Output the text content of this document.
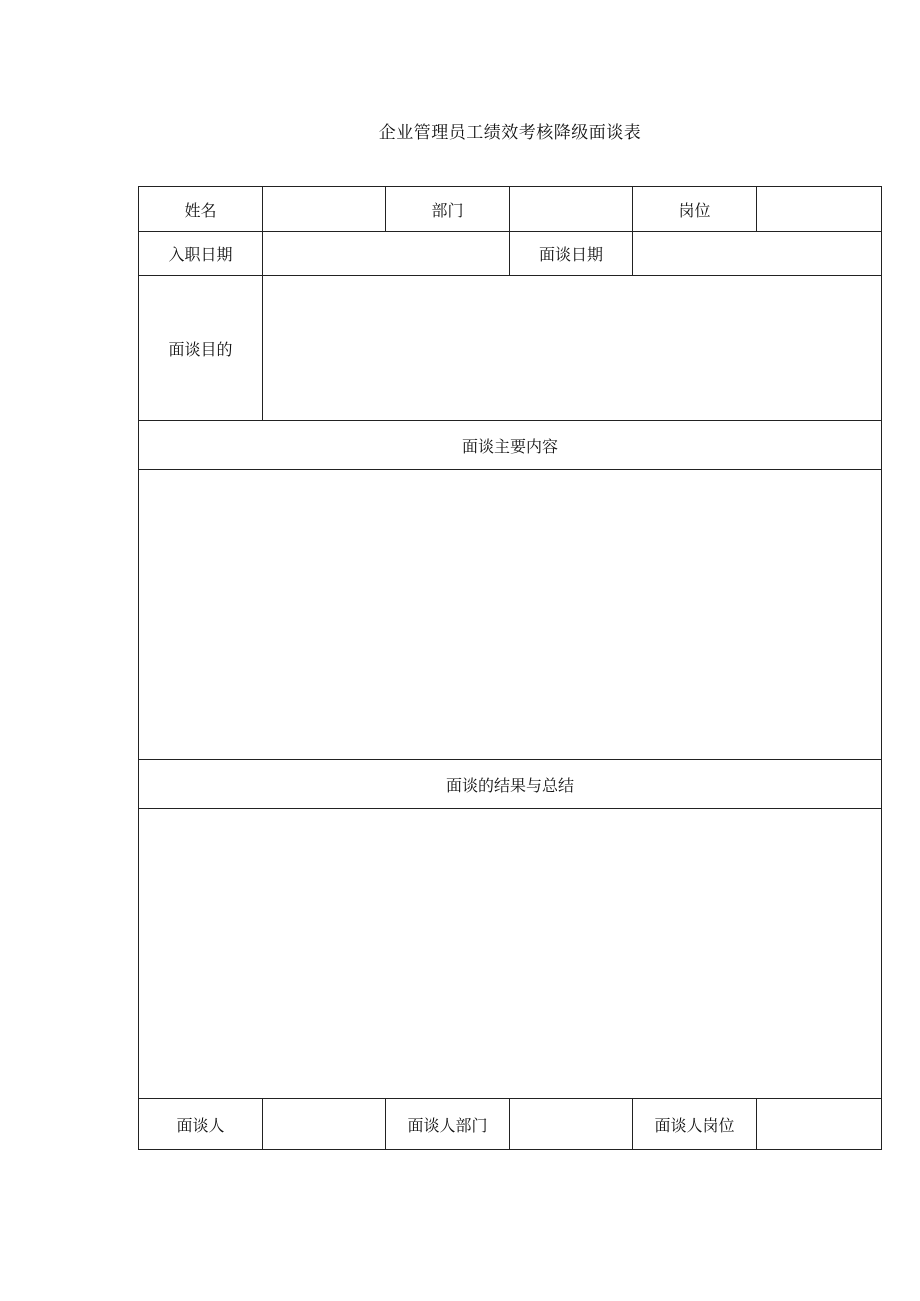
企业管理员工绩效考核降级面谈表
姓名		部门		岗位	
入职日期			面谈日期		
面谈目的					
面谈主要内容					

面谈的结果与总结					

面谈人		面谈人部门		面谈人岗位	
